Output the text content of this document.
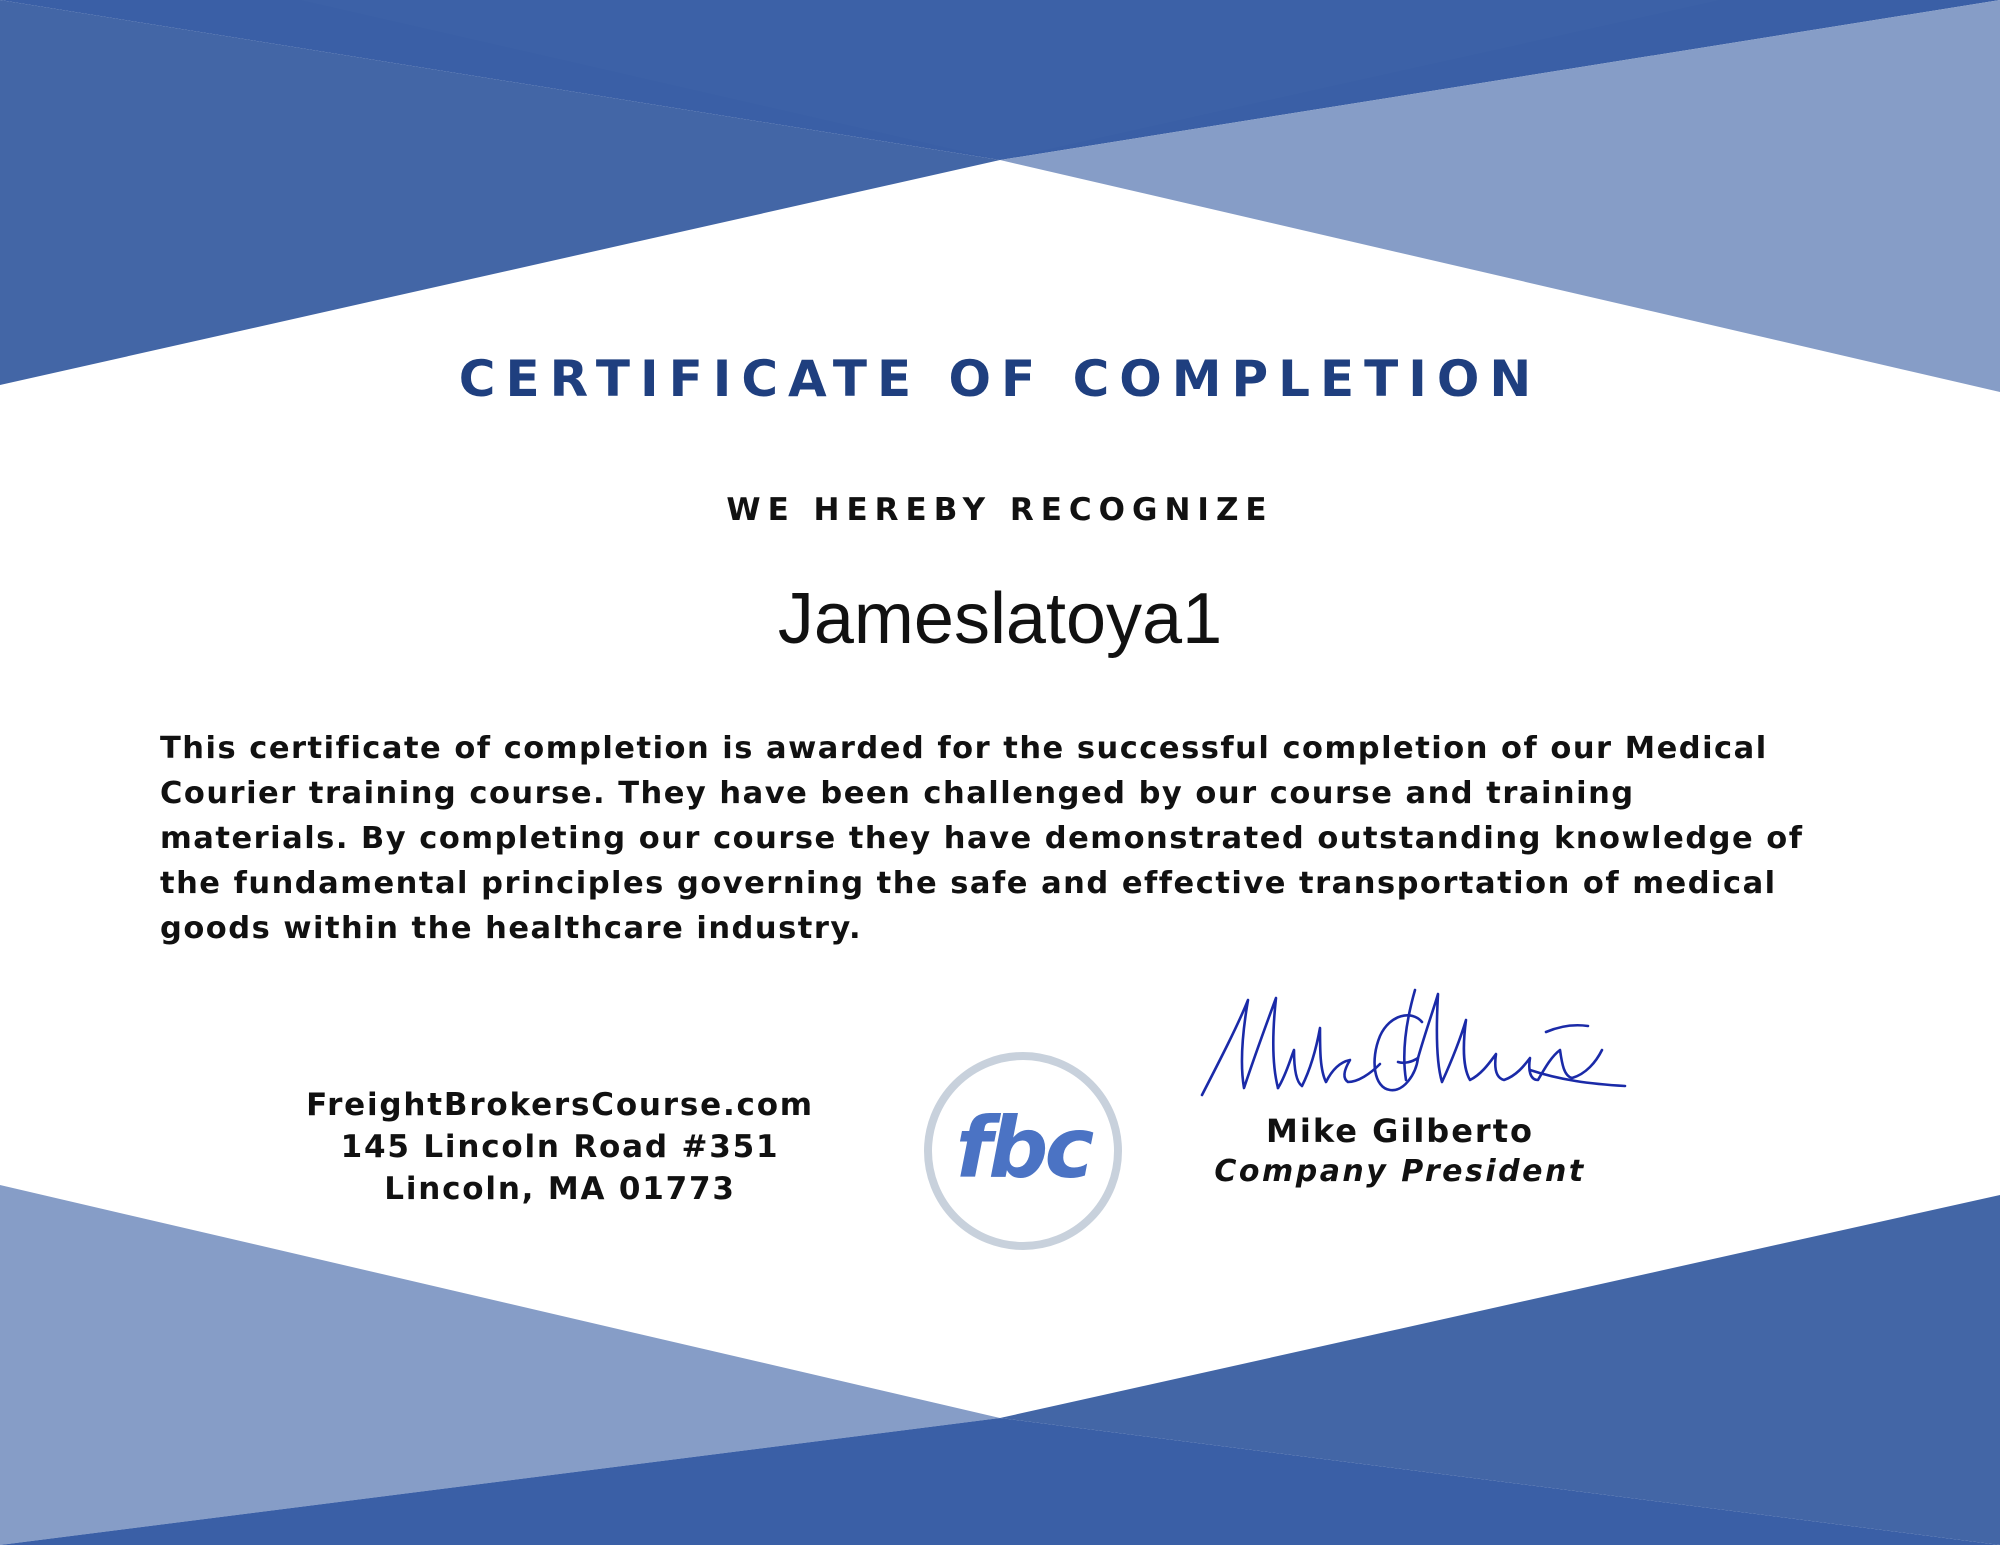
CERTIFICATE OF COMPLETION
WE HEREBY RECOGNIZE
Jameslatoya1
This certificate of completion is awarded for the successful completion of our Medical
Courier training course. They have been challenged by our course and training
materials. By completing our course they have demonstrated outstanding knowledge of
the fundamental principles governing the safe and effective transportation of medical
goods within the healthcare industry.
FreightBrokersCourse.com
145 Lincoln Road #351
Lincoln, MA 01773	fbc	Mike Gilberto
Company President
